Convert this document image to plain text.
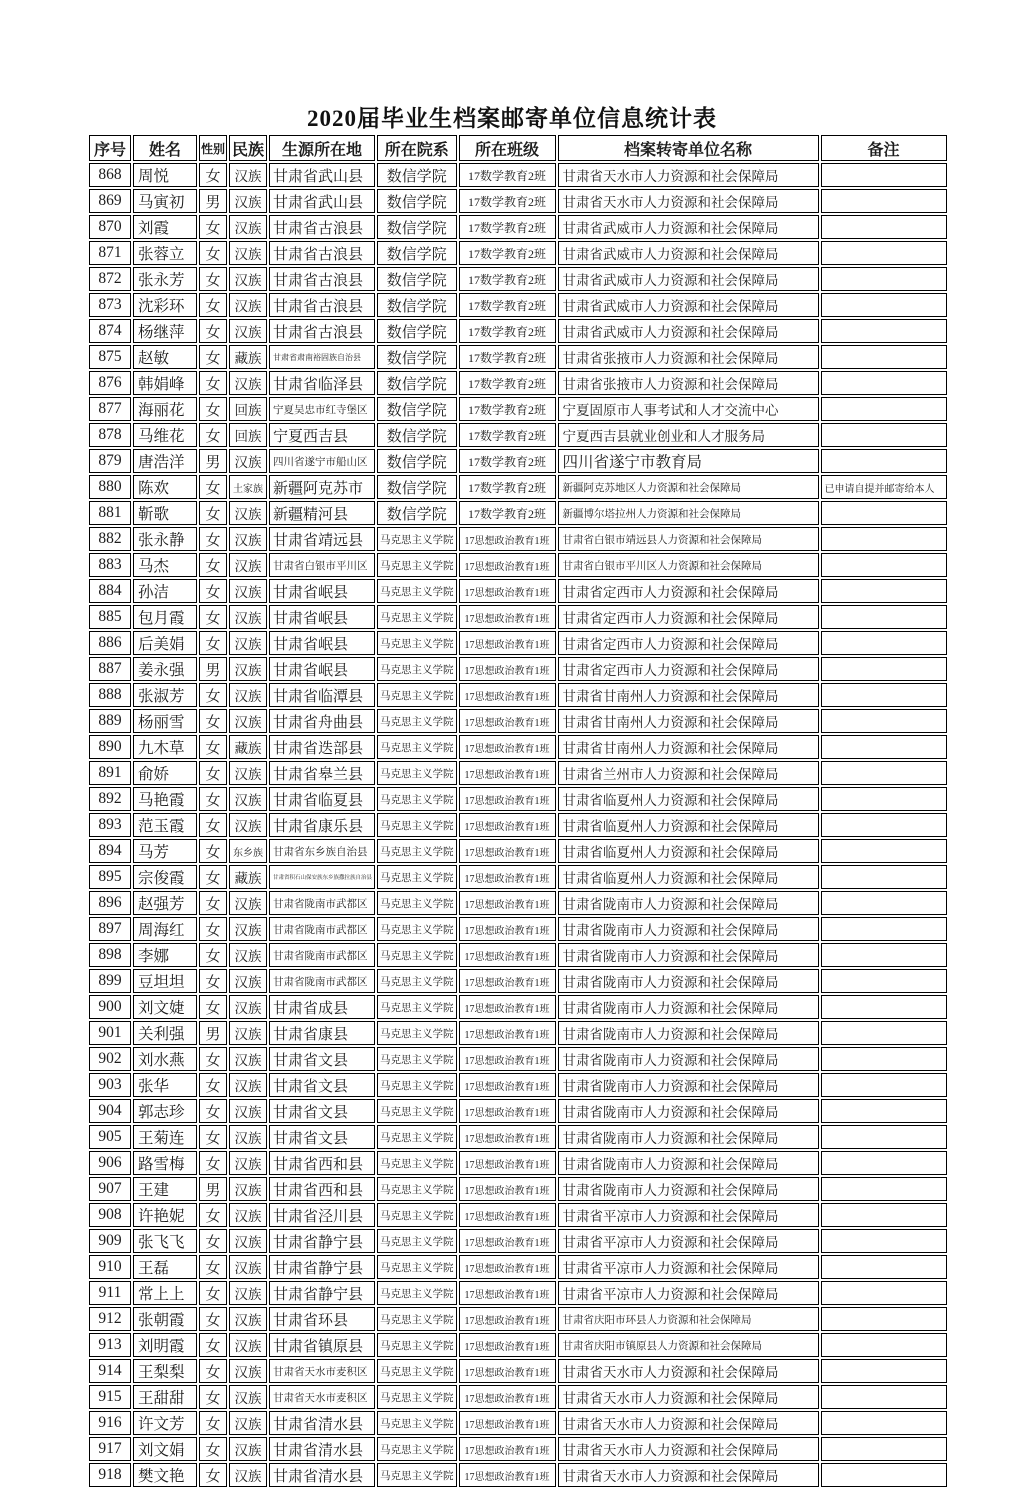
2020届毕业生档案邮寄单位信息统计表
序号	姓名	性别	民族	生源所在地	所在院系	所在班级	档案转寄单位名称	备注
868	周悦	女	汉族	甘肃省武山县	数信学院	17数学教育2班	甘肃省天水市人力资源和社会保障局	
869	马寅初	男	汉族	甘肃省武山县	数信学院	17数学教育2班	甘肃省天水市人力资源和社会保障局	
870	刘霞	女	汉族	甘肃省古浪县	数信学院	17数学教育2班	甘肃省武威市人力资源和社会保障局	
871	张蓉立	女	汉族	甘肃省古浪县	数信学院	17数学教育2班	甘肃省武威市人力资源和社会保障局	
872	张永芳	女	汉族	甘肃省古浪县	数信学院	17数学教育2班	甘肃省武威市人力资源和社会保障局	
873	沈彩环	女	汉族	甘肃省古浪县	数信学院	17数学教育2班	甘肃省武威市人力资源和社会保障局	
874	杨继萍	女	汉族	甘肃省古浪县	数信学院	17数学教育2班	甘肃省武威市人力资源和社会保障局	
875	赵敏	女	藏族	甘肃省肃南裕固族自治县	数信学院	17数学教育2班	甘肃省张掖市人力资源和社会保障局	
876	韩娟峰	女	汉族	甘肃省临泽县	数信学院	17数学教育2班	甘肃省张掖市人力资源和社会保障局	
877	海丽花	女	回族	宁夏吴忠市红寺堡区	数信学院	17数学教育2班	宁夏固原市人事考试和人才交流中心	
878	马维花	女	回族	宁夏西吉县	数信学院	17数学教育2班	宁夏西吉县就业创业和人才服务局	
879	唐浩洋	男	汉族	四川省遂宁市船山区	数信学院	17数学教育2班	四川省遂宁市教育局	
880	陈欢	女	土家族	新疆阿克苏市	数信学院	17数学教育2班	新疆阿克苏地区人力资源和社会保障局	已申请自提并邮寄给本人
881	靳歌	女	汉族	新疆精河县	数信学院	17数学教育2班	新疆博尔塔拉州人力资源和社会保障局	
882	张永静	女	汉族	甘肃省靖远县	马克思主义学院	17思想政治教育1班	甘肃省白银市靖远县人力资源和社会保障局	
883	马杰	女	汉族	甘肃省白银市平川区	马克思主义学院	17思想政治教育1班	甘肃省白银市平川区人力资源和社会保障局	
884	孙洁	女	汉族	甘肃省岷县	马克思主义学院	17思想政治教育1班	甘肃省定西市人力资源和社会保障局	
885	包月霞	女	汉族	甘肃省岷县	马克思主义学院	17思想政治教育1班	甘肃省定西市人力资源和社会保障局	
886	后美娟	女	汉族	甘肃省岷县	马克思主义学院	17思想政治教育1班	甘肃省定西市人力资源和社会保障局	
887	姜永强	男	汉族	甘肃省岷县	马克思主义学院	17思想政治教育1班	甘肃省定西市人力资源和社会保障局	
888	张淑芳	女	汉族	甘肃省临潭县	马克思主义学院	17思想政治教育1班	甘肃省甘南州人力资源和社会保障局	
889	杨丽雪	女	汉族	甘肃省舟曲县	马克思主义学院	17思想政治教育1班	甘肃省甘南州人力资源和社会保障局	
890	九木草	女	藏族	甘肃省迭部县	马克思主义学院	17思想政治教育1班	甘肃省甘南州人力资源和社会保障局	
891	俞娇	女	汉族	甘肃省皋兰县	马克思主义学院	17思想政治教育1班	甘肃省兰州市人力资源和社会保障局	
892	马艳霞	女	汉族	甘肃省临夏县	马克思主义学院	17思想政治教育1班	甘肃省临夏州人力资源和社会保障局	
893	范玉霞	女	汉族	甘肃省康乐县	马克思主义学院	17思想政治教育1班	甘肃省临夏州人力资源和社会保障局	
894	马芳	女	东乡族	甘肃省东乡族自治县	马克思主义学院	17思想政治教育1班	甘肃省临夏州人力资源和社会保障局	
895	宗俊霞	女	藏族	甘肃省积石山保安族东乡族撒拉族自治县	马克思主义学院	17思想政治教育1班	甘肃省临夏州人力资源和社会保障局	
896	赵强芳	女	汉族	甘肃省陇南市武都区	马克思主义学院	17思想政治教育1班	甘肃省陇南市人力资源和社会保障局	
897	周海红	女	汉族	甘肃省陇南市武都区	马克思主义学院	17思想政治教育1班	甘肃省陇南市人力资源和社会保障局	
898	李娜	女	汉族	甘肃省陇南市武都区	马克思主义学院	17思想政治教育1班	甘肃省陇南市人力资源和社会保障局	
899	豆坦坦	女	汉族	甘肃省陇南市武都区	马克思主义学院	17思想政治教育1班	甘肃省陇南市人力资源和社会保障局	
900	刘文婕	女	汉族	甘肃省成县	马克思主义学院	17思想政治教育1班	甘肃省陇南市人力资源和社会保障局	
901	关利强	男	汉族	甘肃省康县	马克思主义学院	17思想政治教育1班	甘肃省陇南市人力资源和社会保障局	
902	刘水燕	女	汉族	甘肃省文县	马克思主义学院	17思想政治教育1班	甘肃省陇南市人力资源和社会保障局	
903	张华	女	汉族	甘肃省文县	马克思主义学院	17思想政治教育1班	甘肃省陇南市人力资源和社会保障局	
904	郭志珍	女	汉族	甘肃省文县	马克思主义学院	17思想政治教育1班	甘肃省陇南市人力资源和社会保障局	
905	王菊连	女	汉族	甘肃省文县	马克思主义学院	17思想政治教育1班	甘肃省陇南市人力资源和社会保障局	
906	路雪梅	女	汉族	甘肃省西和县	马克思主义学院	17思想政治教育1班	甘肃省陇南市人力资源和社会保障局	
907	王建	男	汉族	甘肃省西和县	马克思主义学院	17思想政治教育1班	甘肃省陇南市人力资源和社会保障局	
908	许艳妮	女	汉族	甘肃省泾川县	马克思主义学院	17思想政治教育1班	甘肃省平凉市人力资源和社会保障局	
909	张飞飞	女	汉族	甘肃省静宁县	马克思主义学院	17思想政治教育1班	甘肃省平凉市人力资源和社会保障局	
910	王磊	女	汉族	甘肃省静宁县	马克思主义学院	17思想政治教育1班	甘肃省平凉市人力资源和社会保障局	
911	常上上	女	汉族	甘肃省静宁县	马克思主义学院	17思想政治教育1班	甘肃省平凉市人力资源和社会保障局	
912	张朝霞	女	汉族	甘肃省环县	马克思主义学院	17思想政治教育1班	甘肃省庆阳市环县人力资源和社会保障局	
913	刘明霞	女	汉族	甘肃省镇原县	马克思主义学院	17思想政治教育1班	甘肃省庆阳市镇原县人力资源和社会保障局	
914	王梨梨	女	汉族	甘肃省天水市麦积区	马克思主义学院	17思想政治教育1班	甘肃省天水市人力资源和社会保障局	
915	王甜甜	女	汉族	甘肃省天水市麦积区	马克思主义学院	17思想政治教育1班	甘肃省天水市人力资源和社会保障局	
916	许文芳	女	汉族	甘肃省清水县	马克思主义学院	17思想政治教育1班	甘肃省天水市人力资源和社会保障局	
917	刘文娟	女	汉族	甘肃省清水县	马克思主义学院	17思想政治教育1班	甘肃省天水市人力资源和社会保障局	
918	樊文艳	女	汉族	甘肃省清水县	马克思主义学院	17思想政治教育1班	甘肃省天水市人力资源和社会保障局	
